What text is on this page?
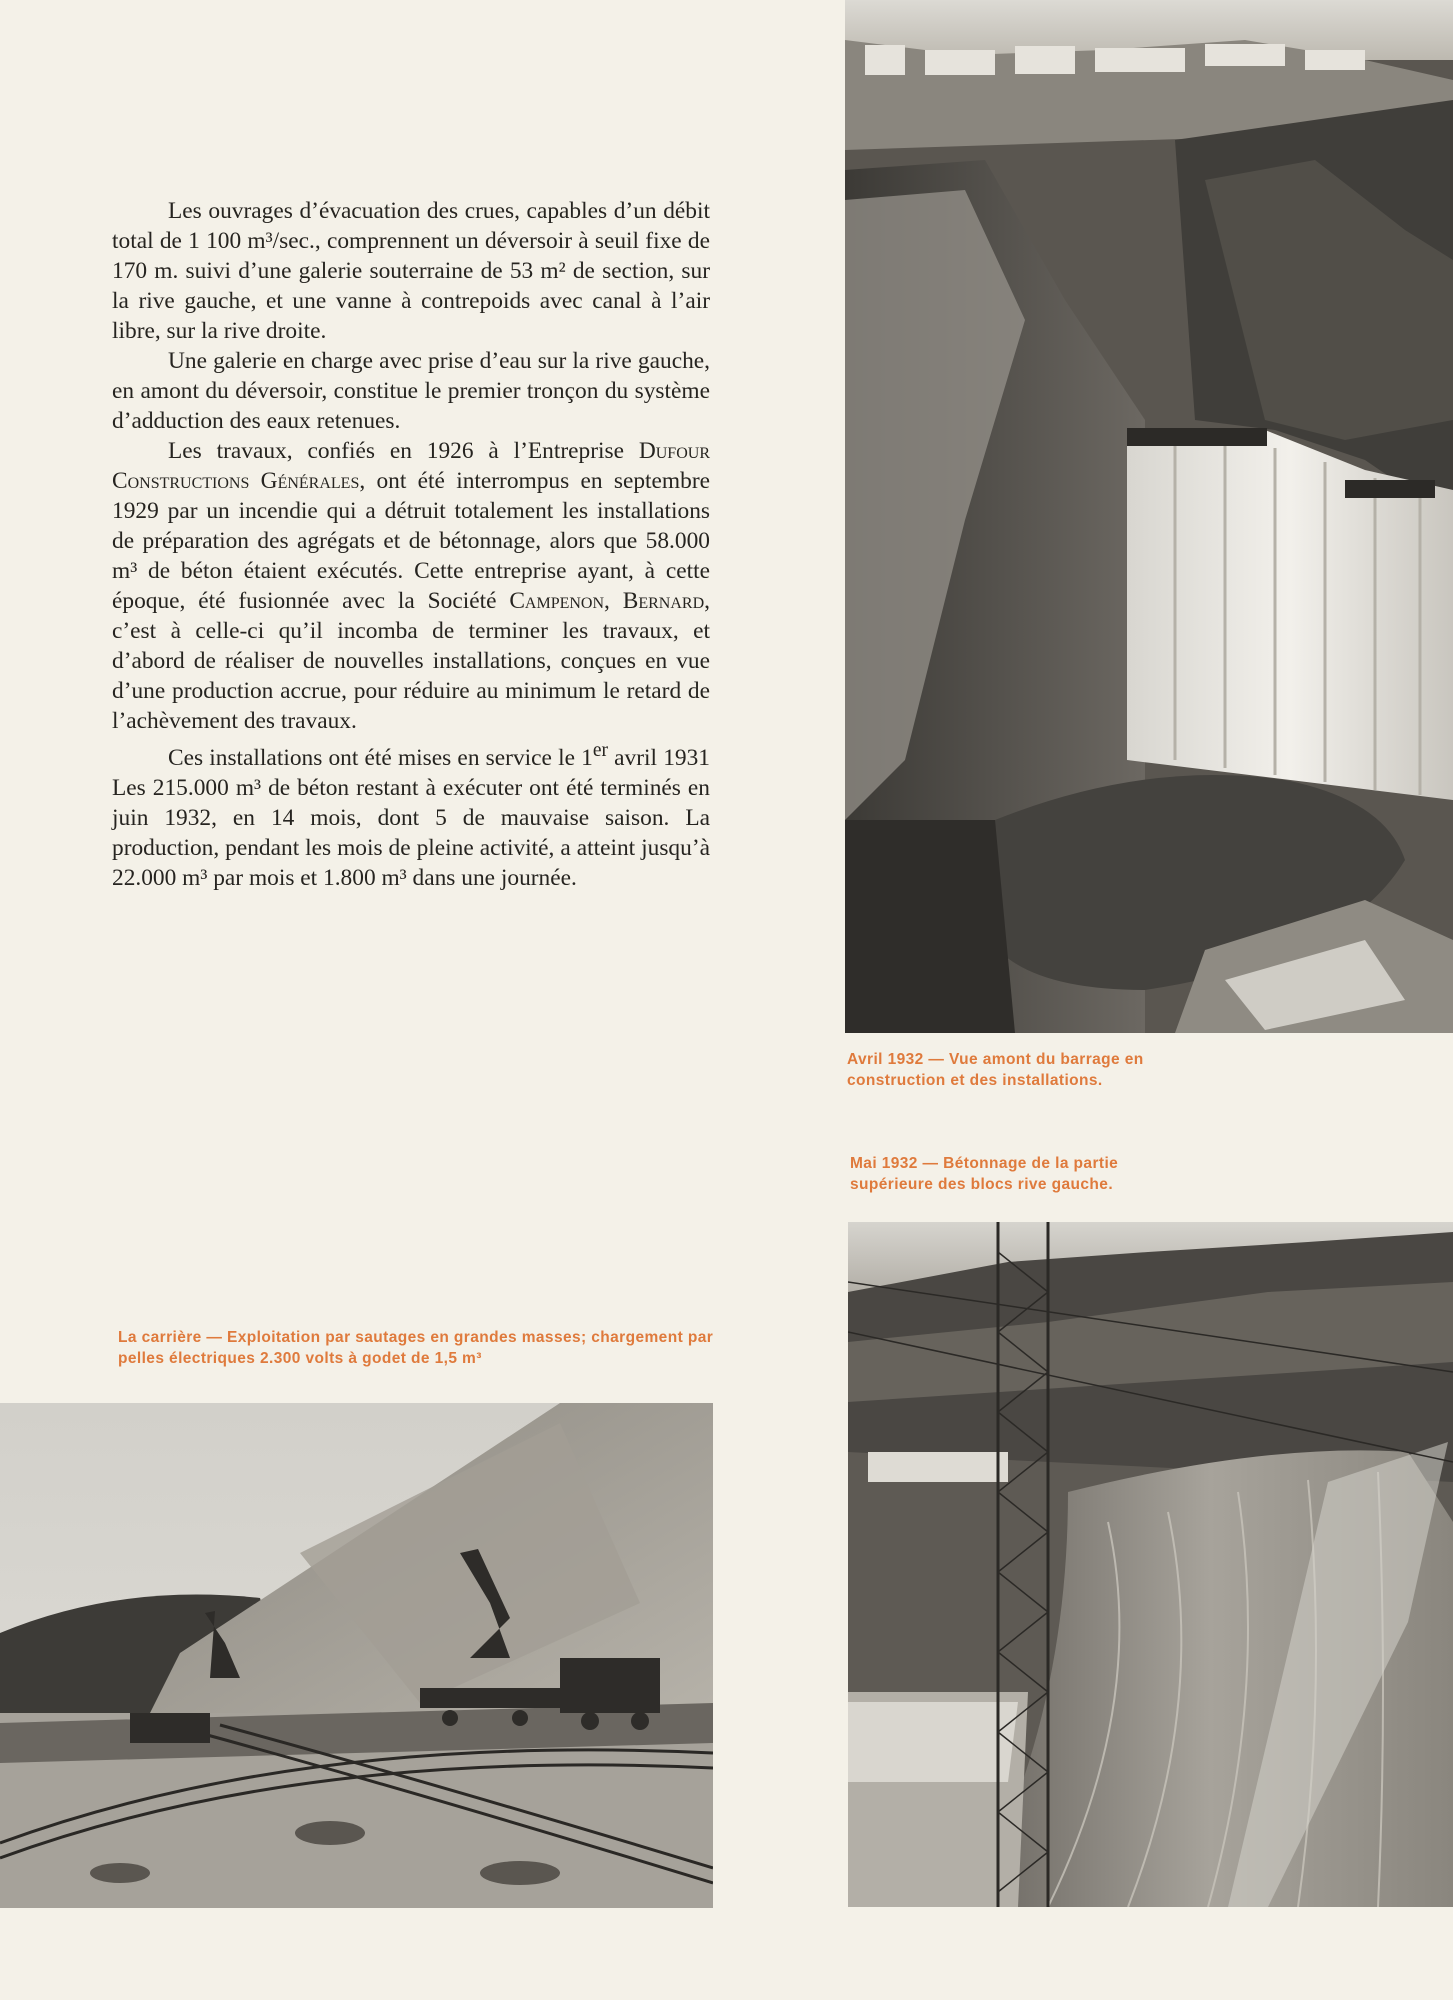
Les ouvrages d’évacuation des crues, capables d’un débit total de 1 100 m³/sec., comprennent un déversoir à seuil fixe de 170 m. suivi d’une galerie souterraine de 53 m² de section, sur la rive gauche, et une vanne à contrepoids avec canal à l’air libre, sur la rive droite.

Une galerie en charge avec prise d’eau sur la rive gauche, en amont du déversoir, constitue le premier tronçon du système d’adduction des eaux retenues.

Les travaux, confiés en 1926 à l’Entreprise Dufour Constructions Générales, ont été interrompus en septembre 1929 par un incendie qui a détruit totalement les installations de préparation des agrégats et de bétonnage, alors que 58.000 m³ de béton étaient exécutés. Cette entreprise ayant, à cette époque, été fusionnée avec la Société Campenon, Bernard, c’est à celle-ci qu’il incomba de terminer les travaux, et d’abord de réaliser de nouvelles installations, conçues en vue d’une production accrue, pour réduire au minimum le retard de l’achèvement des travaux.

Ces installations ont été mises en service le 1er avril 1931 Les 215.000 m³ de béton restant à exécuter ont été terminés en juin 1932, en 14 mois, dont 5 de mauvaise saison. La production, pendant les mois de pleine activité, a atteint jusqu’à 22.000 m³ par mois et 1.800 m³ dans une journée.

Avril 1932 — Vue amont du barrage en construction et des installations.

Mai 1932 — Bétonnage de la partie supérieure des blocs rive gauche.

La carrière — Exploitation par sautages en grandes masses; chargement par pelles électriques 2.300 volts à godet de 1,5 m³
